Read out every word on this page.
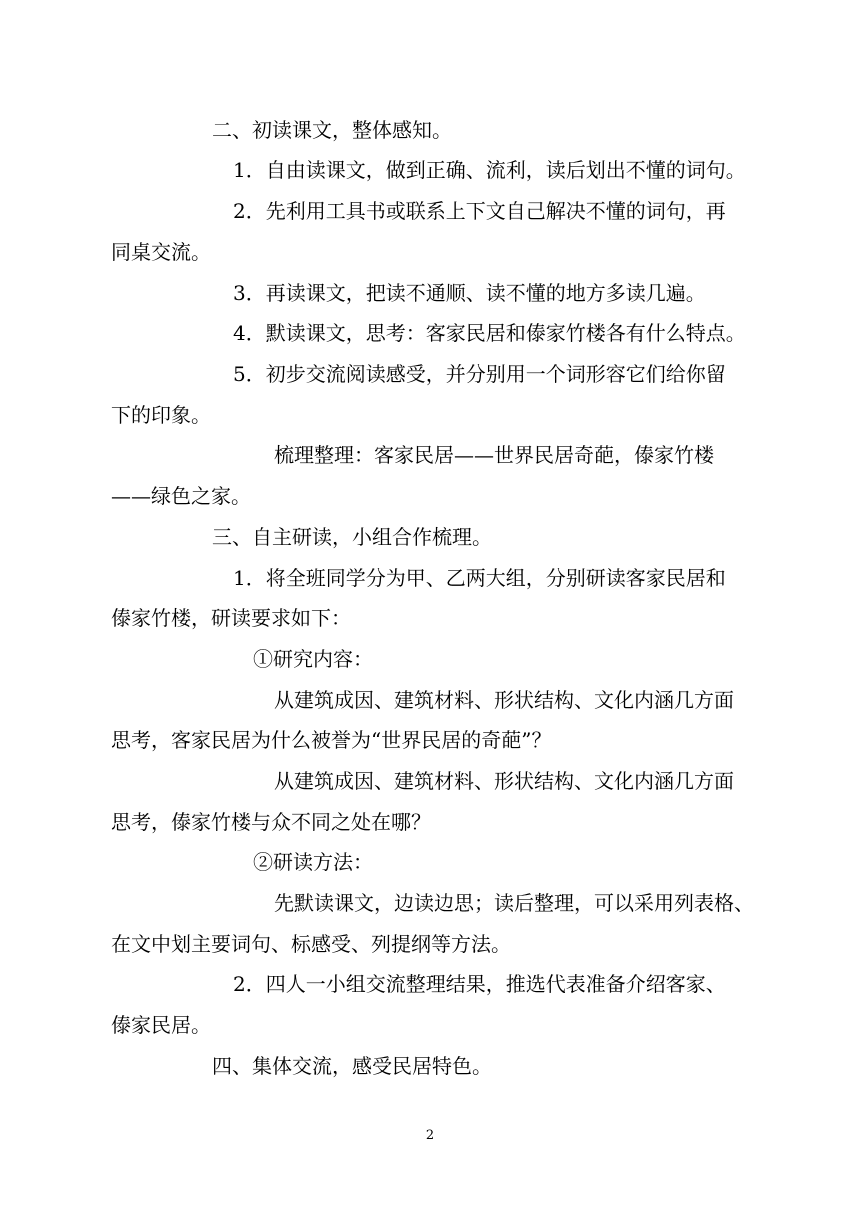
二、初读课文，整体感知。

1．自由读课文，做到正确、流利，读后划出不懂的词句。

2．先利用工具书或联系上下文自己解决不懂的词句，再

同桌交流。

3．再读课文，把读不通顺、读不懂的地方多读几遍。

4．默读课文，思考：客家民居和傣家竹楼各有什么特点。

5．初步交流阅读感受，并分别用一个词形容它们给你留

下的印象。

梳理整理：客家民居——世界民居奇葩，傣家竹楼

——绿色之家。

三、自主研读，小组合作梳理。

1．将全班同学分为甲、乙两大组，分别研读客家民居和

傣家竹楼，研读要求如下：

①研究内容：

从建筑成因、建筑材料、形状结构、文化内涵几方面

思考，客家民居为什么被誉为“世界民居的奇葩”？

从建筑成因、建筑材料、形状结构、文化内涵几方面

思考，傣家竹楼与众不同之处在哪？

②研读方法：

先默读课文，边读边思；读后整理，可以采用列表格、

在文中划主要词句、标感受、列提纲等方法。

2．四人一小组交流整理结果，推选代表准备介绍客家、

傣家民居。

四、集体交流，感受民居特色。

2
